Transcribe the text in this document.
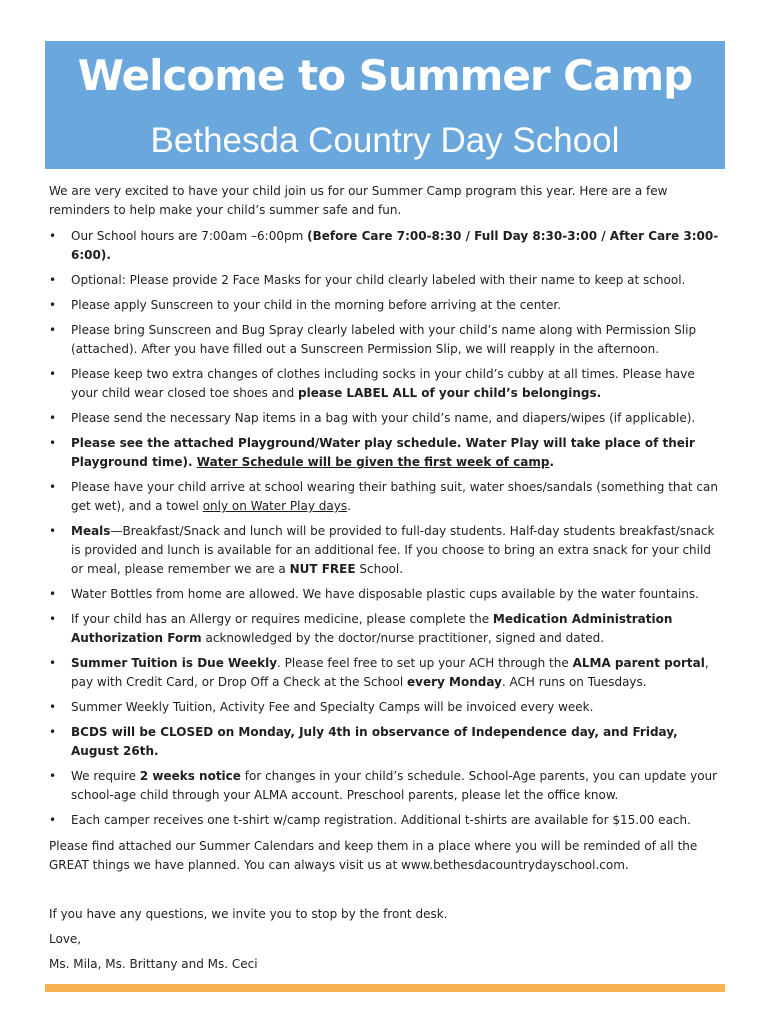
Welcome to Summer Camp
Bethesda Country Day School

We are very excited to have your child join us for our Summer Camp program this year. Here are a few reminders to help make your child’s summer safe and fun.

• Our School hours are 7:00am –6:00pm (Before Care 7:00-8:30 / Full Day 8:30-3:00 / After Care 3:00-6:00).
• Optional: Please provide 2 Face Masks for your child clearly labeled with their name to keep at school.
• Please apply Sunscreen to your child in the morning before arriving at the center.
• Please bring Sunscreen and Bug Spray clearly labeled with your child’s name along with Permission Slip (attached). After you have filled out a Sunscreen Permission Slip, we will reapply in the afternoon.
• Please keep two extra changes of clothes including socks in your child’s cubby at all times. Please have your child wear closed toe shoes and please LABEL ALL of your child’s belongings.
• Please send the necessary Nap items in a bag with your child’s name, and diapers/wipes (if applicable).
• Please see the attached Playground/Water play schedule. Water Play will take place of their Playground time). Water Schedule will be given the first week of camp.
• Please have your child arrive at school wearing their bathing suit, water shoes/sandals (something that can get wet), and a towel only on Water Play days.
• Meals—Breakfast/Snack and lunch will be provided to full-day students. Half-day students breakfast/snack is provided and lunch is available for an additional fee. If you choose to bring an extra snack for your child or meal, please remember we are a NUT FREE School.
• Water Bottles from home are allowed. We have disposable plastic cups available by the water fountains.
• If your child has an Allergy or requires medicine, please complete the Medication Administration Authorization Form acknowledged by the doctor/nurse practitioner, signed and dated.
• Summer Tuition is Due Weekly. Please feel free to set up your ACH through the ALMA parent portal, pay with Credit Card, or Drop Off a Check at the School every Monday. ACH runs on Tuesdays.
• Summer Weekly Tuition, Activity Fee and Specialty Camps will be invoiced every week.
• BCDS will be CLOSED on Monday, July 4th in observance of Independence day, and Friday, August 26th.
• We require 2 weeks notice for changes in your child’s schedule. School-Age parents, you can update your school-age child through your ALMA account. Preschool parents, please let the office know.
• Each camper receives one t-shirt w/camp registration. Additional t-shirts are available for $15.00 each.

Please find attached our Summer Calendars and keep them in a place where you will be reminded of all the GREAT things we have planned. You can always visit us at www.bethesdacountrydayschool.com.

If you have any questions, we invite you to stop by the front desk.

Love,

Ms. Mila, Ms. Brittany and Ms. Ceci
